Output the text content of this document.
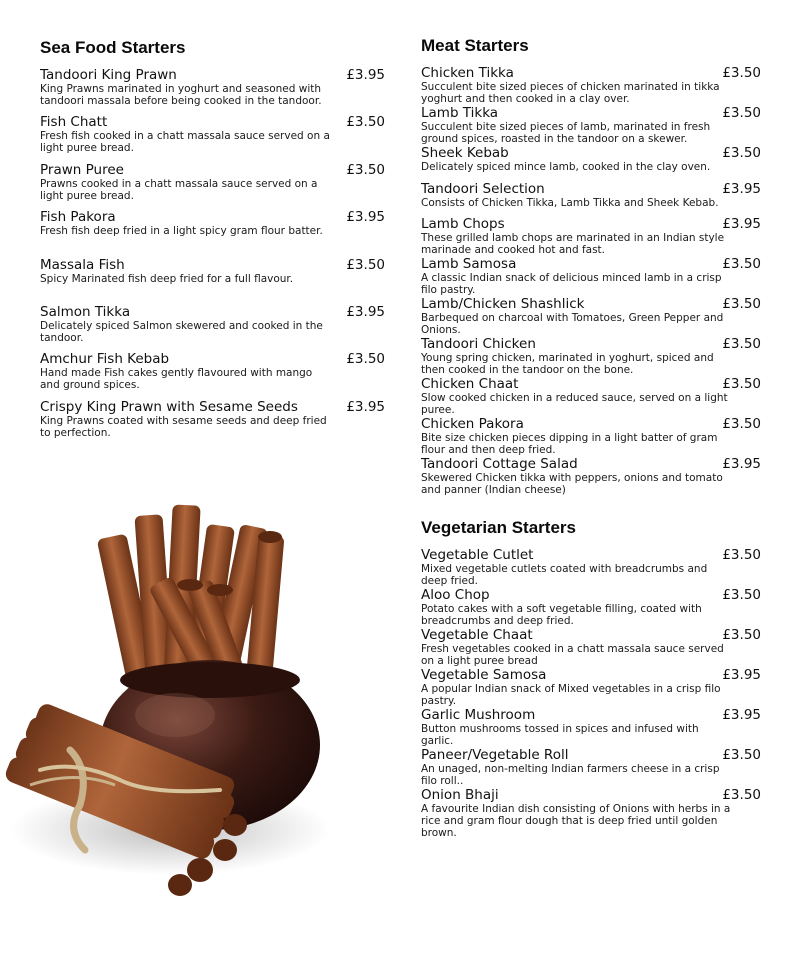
Sea Food Starters
Tandoori King Prawn	£3.95
King Prawns marinated in yoghurt and seasoned with tandoori massala before being cooked in the tandoor.
Fish Chatt	£3.50
Fresh fish cooked in a chatt massala sauce served on a light puree bread.
Prawn Puree	£3.50
Prawns cooked in a chatt massala sauce served on a light puree bread.
Fish Pakora	£3.95
Fresh fish deep fried in a light spicy gram flour batter.
Massala Fish	£3.50
Spicy Marinated fish deep fried for a full flavour.
Salmon Tikka	£3.95
Delicately spiced Salmon skewered and cooked in the tandoor.
Amchur Fish Kebab	£3.50
Hand made Fish cakes gently flavoured with mango and ground spices.
Crispy King Prawn with Sesame Seeds	£3.95
King Prawns coated with sesame seeds and deep fried to perfection.
Meat Starters
Chicken Tikka	£3.50
Succulent bite sized pieces of chicken marinated in tikka yoghurt and then cooked in a clay over.
Lamb Tikka	£3.50
Succulent bite sized pieces of lamb, marinated in fresh ground spices, roasted in the tandoor on a skewer.
Sheek Kebab	£3.50
Delicately spiced mince lamb, cooked in the clay oven.
Tandoori Selection	£3.95
Consists of Chicken Tikka, Lamb Tikka and Sheek Kebab.
Lamb Chops	£3.95
These grilled lamb chops are marinated in an Indian style marinade and cooked hot and fast.
Lamb Samosa	£3.50
A classic Indian snack of delicious minced lamb in a crisp filo pastry.
Lamb/Chicken Shashlick	£3.50
Barbequed on charcoal with Tomatoes, Green Pepper and Onions.
Tandoori Chicken	£3.50
Young spring chicken, marinated in yoghurt, spiced and then cooked in the tandoor on the bone.
Chicken Chaat	£3.50
Slow cooked chicken in a reduced sauce, served on a light puree.
Chicken Pakora	£3.50
Bite size chicken pieces dipping in a light batter of gram flour and then deep fried.
Tandoori Cottage Salad	£3.95
Skewered Chicken tikka with peppers, onions and tomato and panner (Indian cheese)
Vegetarian Starters
Vegetable Cutlet	£3.50
Mixed vegetable cutlets coated with breadcrumbs and deep fried.
Aloo Chop	£3.50
Potato cakes with a soft vegetable filling, coated with breadcrumbs and deep fried.
Vegetable Chaat	£3.50
Fresh vegetables cooked in a chatt massala sauce served on a light puree bread
Vegetable Samosa	£3.95
A popular Indian snack of Mixed vegetables in a crisp filo pastry.
Garlic Mushroom	£3.95
Button mushrooms tossed in spices and infused with garlic.
Paneer/Vegetable Roll	£3.50
An unaged, non-melting Indian farmers cheese in a crisp filo roll..
Onion Bhaji	£3.50
A favourite Indian dish consisting of Onions with herbs in a rice and gram flour dough that is deep fried until golden brown.
